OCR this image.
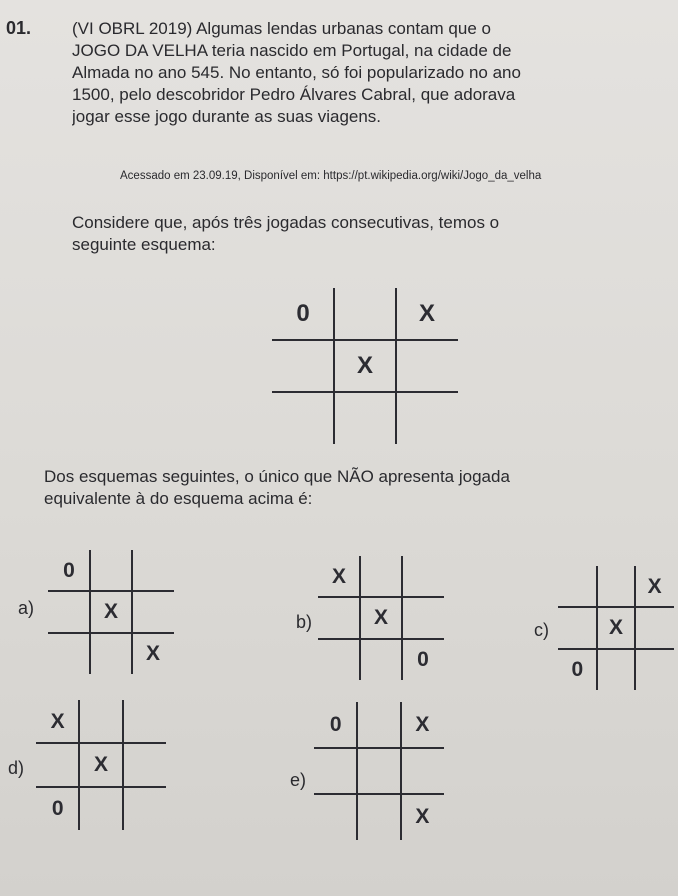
01. (VI OBRL 2019) Algumas lendas urbanas contam que o
JOGO DA VELHA teria nascido em Portugal, na cidade de
Almada no ano 545. No entanto, só foi popularizado no ano
1500, pelo descobridor Pedro Álvares Cabral, que adorava
jogar esse jogo durante as suas viagens.
Acessado em 23.09.19, Disponível em: https://pt.wikipedia.org/wiki/Jogo_da_velha
Considere que, após três jogadas consecutivas, temos o
seguinte esquema:
0	X
X
Dos esquemas seguintes, o único que NÃO apresenta jogada
equivalente à do esquema acima é:
a)
0
X
X
b)
X
X
0
c)
X
X
0
d)
X
X
0
e)
0	X
X
